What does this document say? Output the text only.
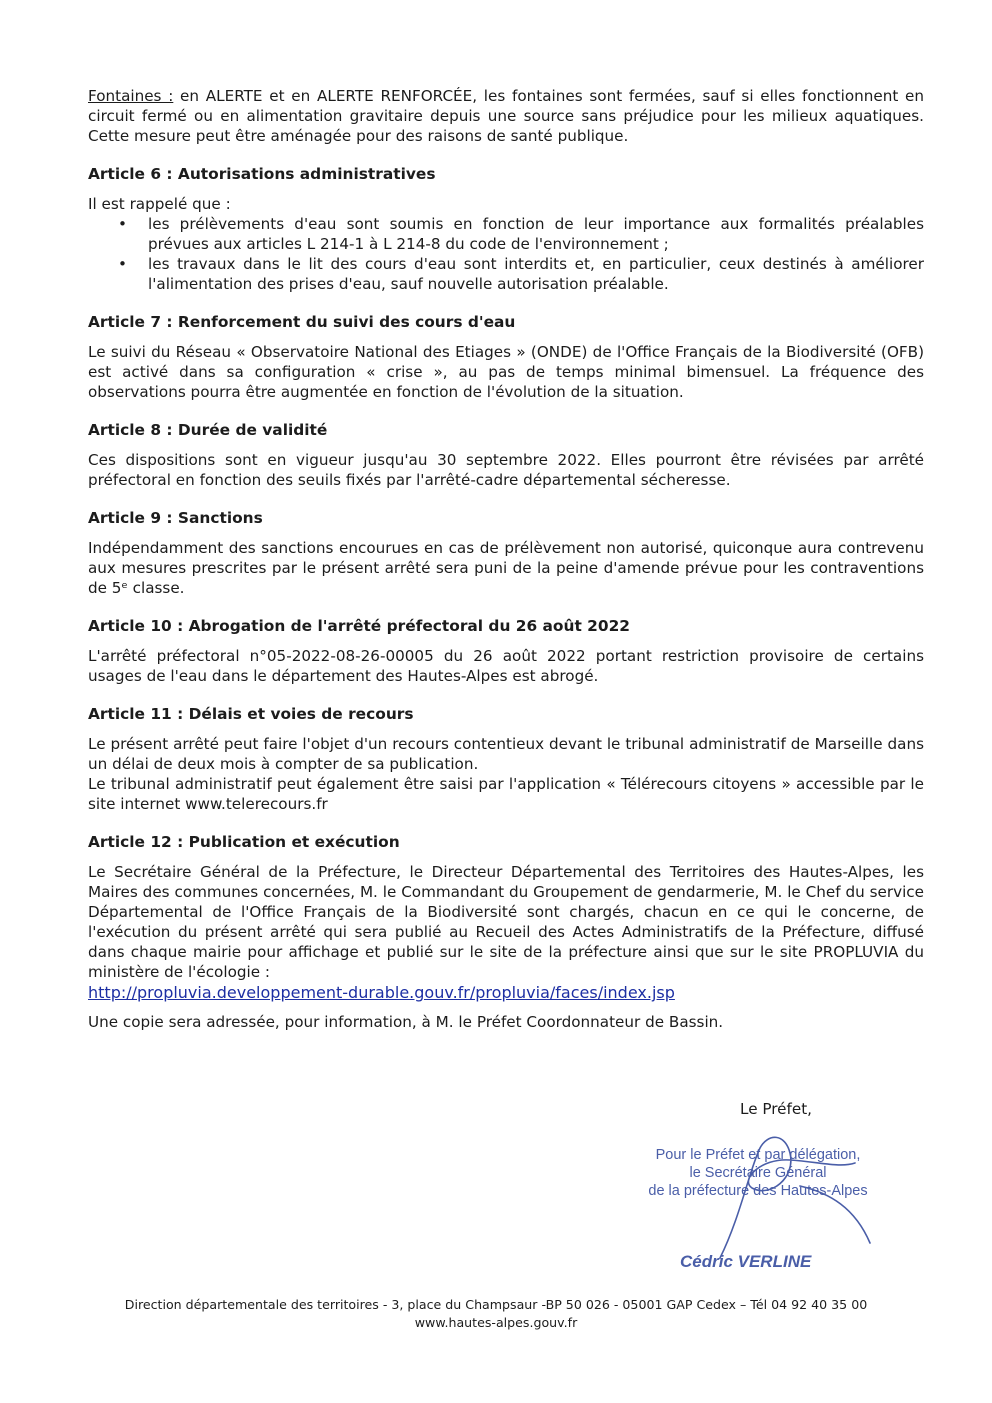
Fontaines : en ALERTE et en ALERTE RENFORCÉE, les fontaines sont fermées, sauf si elles fonctionnent en circuit fermé ou en alimentation gravitaire depuis une source sans préjudice pour les milieux aquatiques. Cette mesure peut être aménagée pour des raisons de santé publique.

Article 6 : Autorisations administratives

Il est rappelé que :

• les prélèvements d'eau sont soumis en fonction de leur importance aux formalités préalables prévues aux articles L 214-1 à L 214-8 du code de l'environnement ;
• les travaux dans le lit des cours d'eau sont interdits et, en particulier, ceux destinés à améliorer l'alimentation des prises d'eau, sauf nouvelle autorisation préalable.

Article 7 : Renforcement du suivi des cours d'eau

Le suivi du Réseau « Observatoire National des Etiages » (ONDE) de l'Office Français de la Biodiversité (OFB) est activé dans sa configuration « crise », au pas de temps minimal bimensuel. La fréquence des observations pourra être augmentée en fonction de l'évolution de la situation.

Article 8 : Durée de validité

Ces dispositions sont en vigueur jusqu'au 30 septembre 2022. Elles pourront être révisées par arrêté préfectoral en fonction des seuils fixés par l'arrêté-cadre départemental sécheresse.

Article 9 : Sanctions

Indépendamment des sanctions encourues en cas de prélèvement non autorisé, quiconque aura contrevenu aux mesures prescrites par le présent arrêté sera puni de la peine d'amende prévue pour les contraventions de 5ᵉ classe.

Article 10 : Abrogation de l'arrêté préfectoral du 26 août 2022

L'arrêté préfectoral n°05-2022-08-26-00005 du 26 août 2022 portant restriction provisoire de certains usages de l'eau dans le département des Hautes-Alpes est abrogé.

Article 11 : Délais et voies de recours

Le présent arrêté peut faire l'objet d'un recours contentieux devant le tribunal administratif de Marseille dans un délai de deux mois à compter de sa publication.

Le tribunal administratif peut également être saisi par l'application « Télérecours citoyens » accessible par le site internet www.telerecours.fr

Article 12 : Publication et exécution

Le Secrétaire Général de la Préfecture, le Directeur Départemental des Territoires des Hautes-Alpes, les Maires des communes concernées, M. le Commandant du Groupement de gendarmerie, M. le Chef du service Départemental de l'Office Français de la Biodiversité sont chargés, chacun en ce qui le concerne, de l'exécution du présent arrêté qui sera publié au Recueil des Actes Administratifs de la Préfecture, diffusé dans chaque mairie pour affichage et publié sur le site de la préfecture ainsi que sur le site PROPLUVIA du ministère de l'écologie :

http://propluvia.developpement-durable.gouv.fr/propluvia/faces/index.jsp

Une copie sera adressée, pour information, à M. le Préfet Coordonnateur de Bassin.

Le Préfet,
Pour le Préfet et par délégation,
le Secrétaire Général
de la préfecture des Hautes-Alpes
Cédric VERLINE
Direction départementale des territoires - 3, place du Champsaur -BP 50 026 - 05001 GAP Cedex – Tél 04 92 40 35 00
www.hautes-alpes.gouv.fr
